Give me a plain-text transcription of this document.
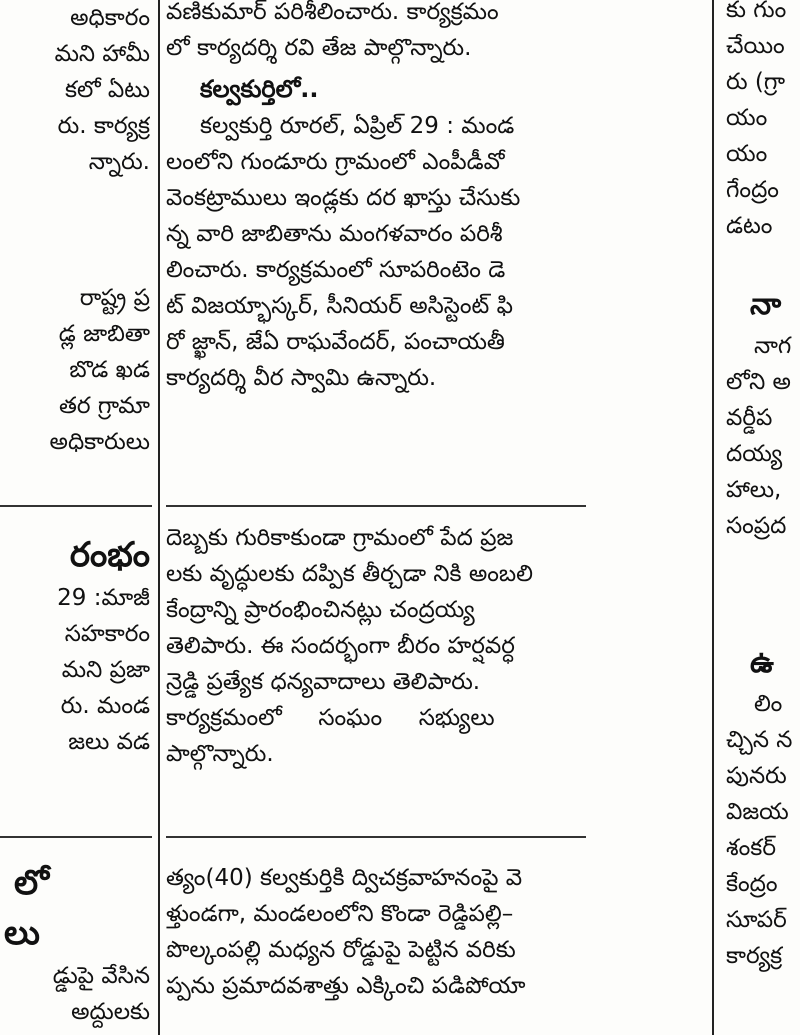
అధికారం
మని హామీ
కలో ఏటు
రు. కార్యక్ర
న్నారు.
రాష్ట్ర ప్ర
డ్ల జాబితా
బొడ ఖడ
తర గ్రామా
అధికారులు
రంభం
29 :మాజీ
సహకారం
మని ప్రజా
రు. మండ
జలు వడ
లో
లు
డ్డుపై వేసిన
అద్దులకు
వణికుమార్ పరిశీలించారు. కార్యక్రమం
లో కార్యదర్శి రవి తేజ పాల్గొన్నారు.
కల్వకుర్తిలో..
కల్వకుర్తి రూరల్, ఏప్రిల్ 29 : మండ
లంలోని గుండూరు గ్రామంలో ఎంపీడీవో
వెంకట్రాములు ఇండ్లకు దర ఖాస్తు చేసుకు
న్న వారి జాబితాను మంగళవారం పరిశీ
లించారు. కార్యక్రమంలో సూపరింటెం డె
ట్ విజయ్భాస్కర్, సీనియర్ అసిస్టెంట్ ఫి
రో జ్ఖాన్, జేఏ రాఘవేందర్, పంచాయతీ
కార్యదర్శి వీర స్వామి ఉన్నారు.
దెబ్బకు గురికాకుండా గ్రామంలో పేద ప్రజ
లకు వృద్ధులకు దప్పిక తీర్చడా నికి అంబలి
కేంద్రాన్ని ప్రారంభించినట్లు చంద్రయ్య
తెలిపారు. ఈ సందర్భంగా బీరం హర్షవర్ధ
న్రెడ్డి ప్రత్యేక ధన్యవాదాలు తెలిపారు.
కార్యక్రమంలో     సంఘం     సభ్యులు
పాల్గొన్నారు.
త్యం(40) కల్వకుర్తికి ద్విచక్రవాహనంపై వె
ళ్తుండగా, మండలంలోని కొండా రెడ్డిపల్లి–
పొల్కంపల్లి మధ్యన రోడ్డుపై పెట్టిన వరికు
ప్పను ప్రమాదవశాత్తు ఎక్కించి పడిపోయా
కు గుం
చేయిం
రు (గ్రా
యం
యం
గేంద్రం
డటం
నా
నాగ
లోని అ
వర్డీప
దయ్య
హాలు,
సంప్రద
ఉ
లిం
చ్చిన న
పునరు
విజయ
శంకర్
కేంద్రం
సూపర్
కార్యక్ర
